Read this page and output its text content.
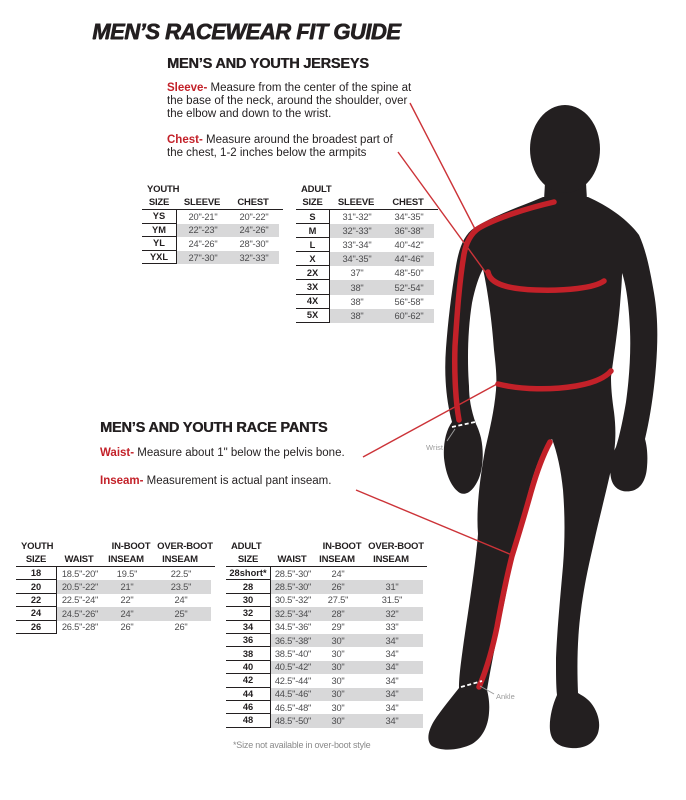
Wrist
Ankle
MEN’S RACEWEAR FIT GUIDE
MEN’S AND YOUTH JERSEYS
Sleeve- Measure from the center of the spine at the base of the neck, around the shoulder, over the elbow and down to the wrist.
Chest- Measure around the broadest part of the chest, 1-2 inches below the armpits
MEN’S AND YOUTH RACE PANTS
Waist- Measure about 1" below the pelvis bone.
Inseam- Measurement is actual pant inseam.
YOUTH
SIZE	SLEEVE	CHEST
YS	20"-21"	20"-22"
YM	22"-23"	24"-26"
YL	24"-26"	28"-30"
YXL	27"-30"	32"-33"
ADULT
SIZE	SLEEVE	CHEST
S	31"-32"	34"-35"
M	32"-33"	36"-38"
L	33"-34"	40"-42"
X	34"-35"	44"-46"
2X	37"	48"-50"
3X	38"	52"-54"
4X	38"	56"-58"
5X	38"	60"-62"
YOUTH	IN-BOOT OVER-BOOT
SIZE	WAIST	INSEAM	INSEAM
18	18.5"-20"	19.5"	22.5"
20	20.5"-22"	21"	23.5"
22	22.5"-24"	22"	24"
24	24.5"-26"	24"	25"
26	26.5"-28"	26"	26"
ADULT	IN-BOOT OVER-BOOT
SIZE	WAIST	INSEAM	INSEAM
28short* 28.5"-30"	24"
28	28.5"-30"	26"	31"
30	30.5"-32"	27.5"	31.5"
32	32.5"-34"	28"	32"
34	34.5"-36"	29"	33"
36	36.5"-38"	30"	34"
38	38.5"-40"	30"	34"
40	40.5"-42"	30"	34"
42	42.5"-44"	30"	34"
44	44.5"-46"	30"	34"
46	46.5"-48"	30"	34"
48	48.5"-50"	30"	34"
*Size not available in over-boot style
